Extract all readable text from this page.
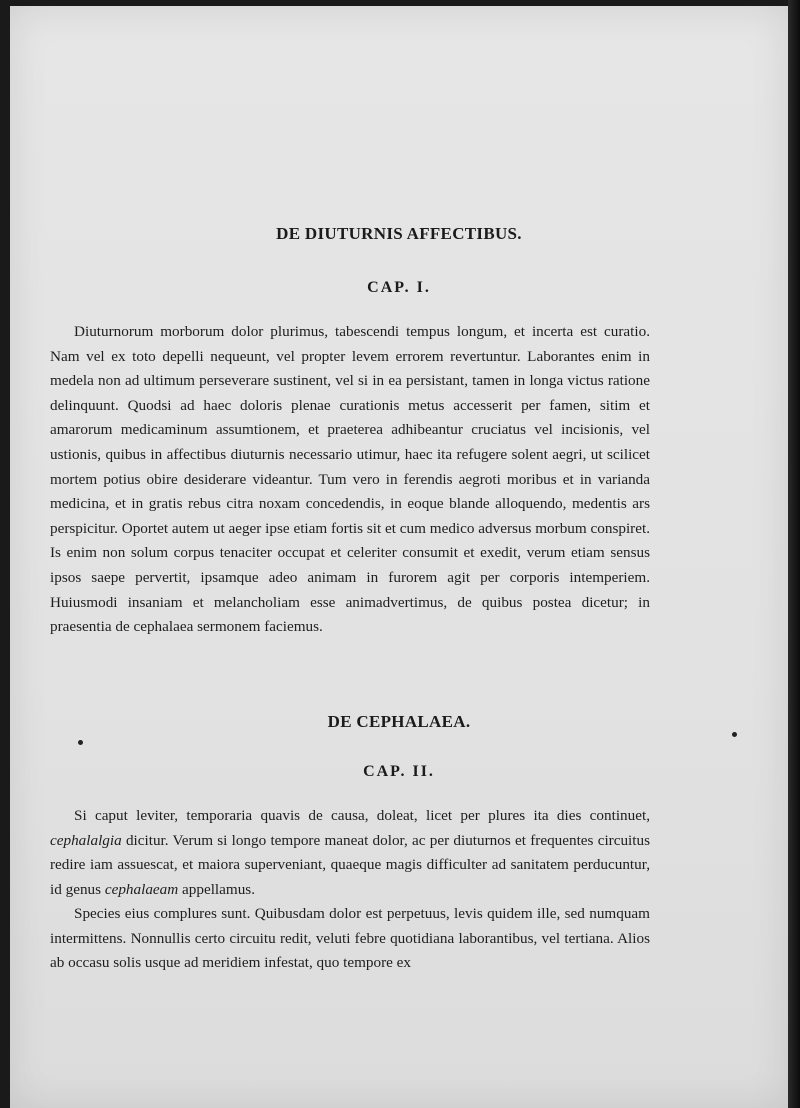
DE DIUTURNIS AFFECTIBUS.
CAP. I.

Diuturnorum morborum dolor plurimus, tabescendi tempus longum, et incerta est curatio. Nam vel ex toto depelli nequeunt, vel propter levem errorem revertuntur. Laborantes enim in medela non ad ultimum perseverare sustinent, vel si in ea persistant, tamen in longa victus ratione delinquunt. Quodsi ad haec doloris plenae curationis metus accesserit per famen, sitim et amarorum medicaminum assumtionem, et praeterea adhibeantur cruciatus vel incisionis, vel ustionis, quibus in affectibus diuturnis necessario utimur, haec ita refugere solent aegri, ut scilicet mortem potius obire desiderare videantur. Tum vero in ferendis aegroti moribus et in varianda medicina, et in gratis rebus citra noxam concedendis, in eoque blande alloquendo, medentis ars perspicitur. Oportet autem ut aeger ipse etiam fortis sit et cum medico adversus morbum conspiret. Is enim non solum corpus tenaciter occupat et celeriter consumit et exedit, verum etiam sensus ipsos saepe pervertit, ipsamque adeo animam in furorem agit per corporis intemperiem. Huiusmodi insaniam et melancholiam esse animadvertimus, de quibus postea dicetur; in praesentia de cephalaea sermonem faciemus.

DE CEPHALAEA.
CAP. II.

Si caput leviter, temporaria quavis de causa, doleat, licet per plures ita dies continuet, cephalalgia dicitur. Verum si longo tempore maneat dolor, ac per diuturnos et frequentes circuitus redire iam assuescat, et maiora superveniant, quaeque magis difficulter ad sanitatem perducuntur, id genus cephalaeam appellamus.

Species eius complures sunt. Quibusdam dolor est perpetuus, levis quidem ille, sed numquam intermittens. Nonnullis certo circuitu redit, veluti febre quotidiana laborantibus, vel tertiana. Alios ab occasu solis usque ad meridiem infestat, quo tempore ex
